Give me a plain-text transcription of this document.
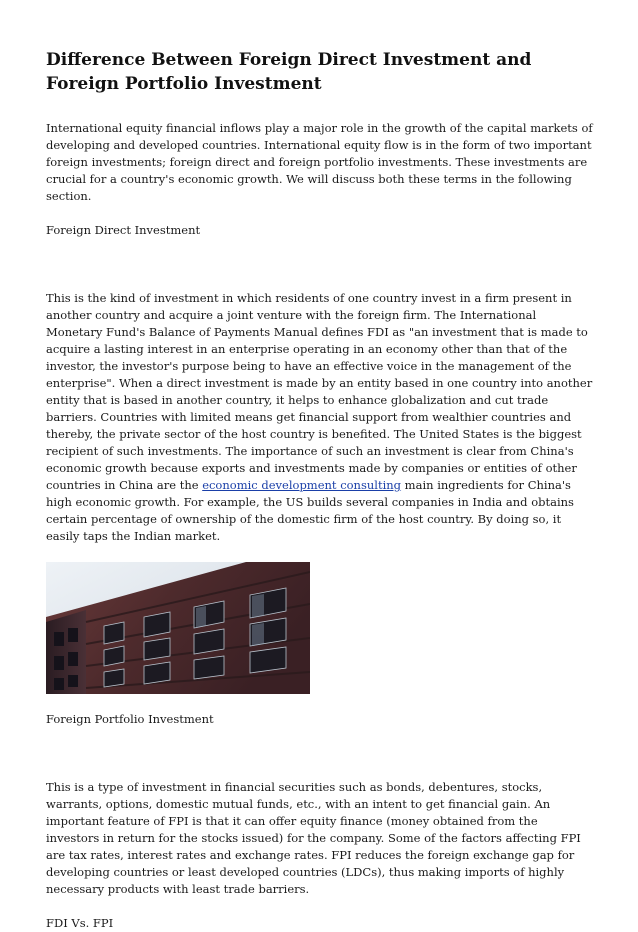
Difference Between Foreign Direct Investment and Foreign Portfolio Investment

International equity financial inflows play a major role in the growth of the capital markets of developing and developed countries. International equity flow is in the form of two important foreign investments; foreign direct and foreign portfolio investments. These investments are crucial for a country's economic growth. We will discuss both these terms in the following section.

Foreign Direct Investment

This is the kind of investment in which residents of one country invest in a firm present in another country and acquire a joint venture with the foreign firm. The International Monetary Fund's Balance of Payments Manual defines FDI as "an investment that is made to acquire a lasting interest in an enterprise operating in an economy other than that of the investor, the investor's purpose being to have an effective voice in the management of the enterprise". When a direct investment is made by an entity based in one country into another entity that is based in another country, it helps to enhance globalization and cut trade barriers. Countries with limited means get financial support from wealthier countries and thereby, the private sector of the host country is benefited. The United States is the biggest recipient of such investments. The importance of such an investment is clear from China's economic growth because exports and investments made by companies or entities of other countries in China are the economic development consulting main ingredients for China's high economic growth. For example, the US builds several companies in India and obtains certain percentage of ownership of the domestic firm of the host country. By doing so, it easily taps the Indian market.

Foreign Portfolio Investment

This is a type of investment in financial securities such as bonds, debentures, stocks, warrants, options, domestic mutual funds, etc., with an intent to get financial gain. An important feature of FPI is that it can offer equity finance (money obtained from the investors in return for the stocks issued) for the company. Some of the factors affecting FPI are tax rates, interest rates and exchange rates. FPI reduces the foreign exchange gap for developing countries or least developed countries (LDCs), thus making imports of highly necessary products with least trade barriers.

FDI Vs. FPI
